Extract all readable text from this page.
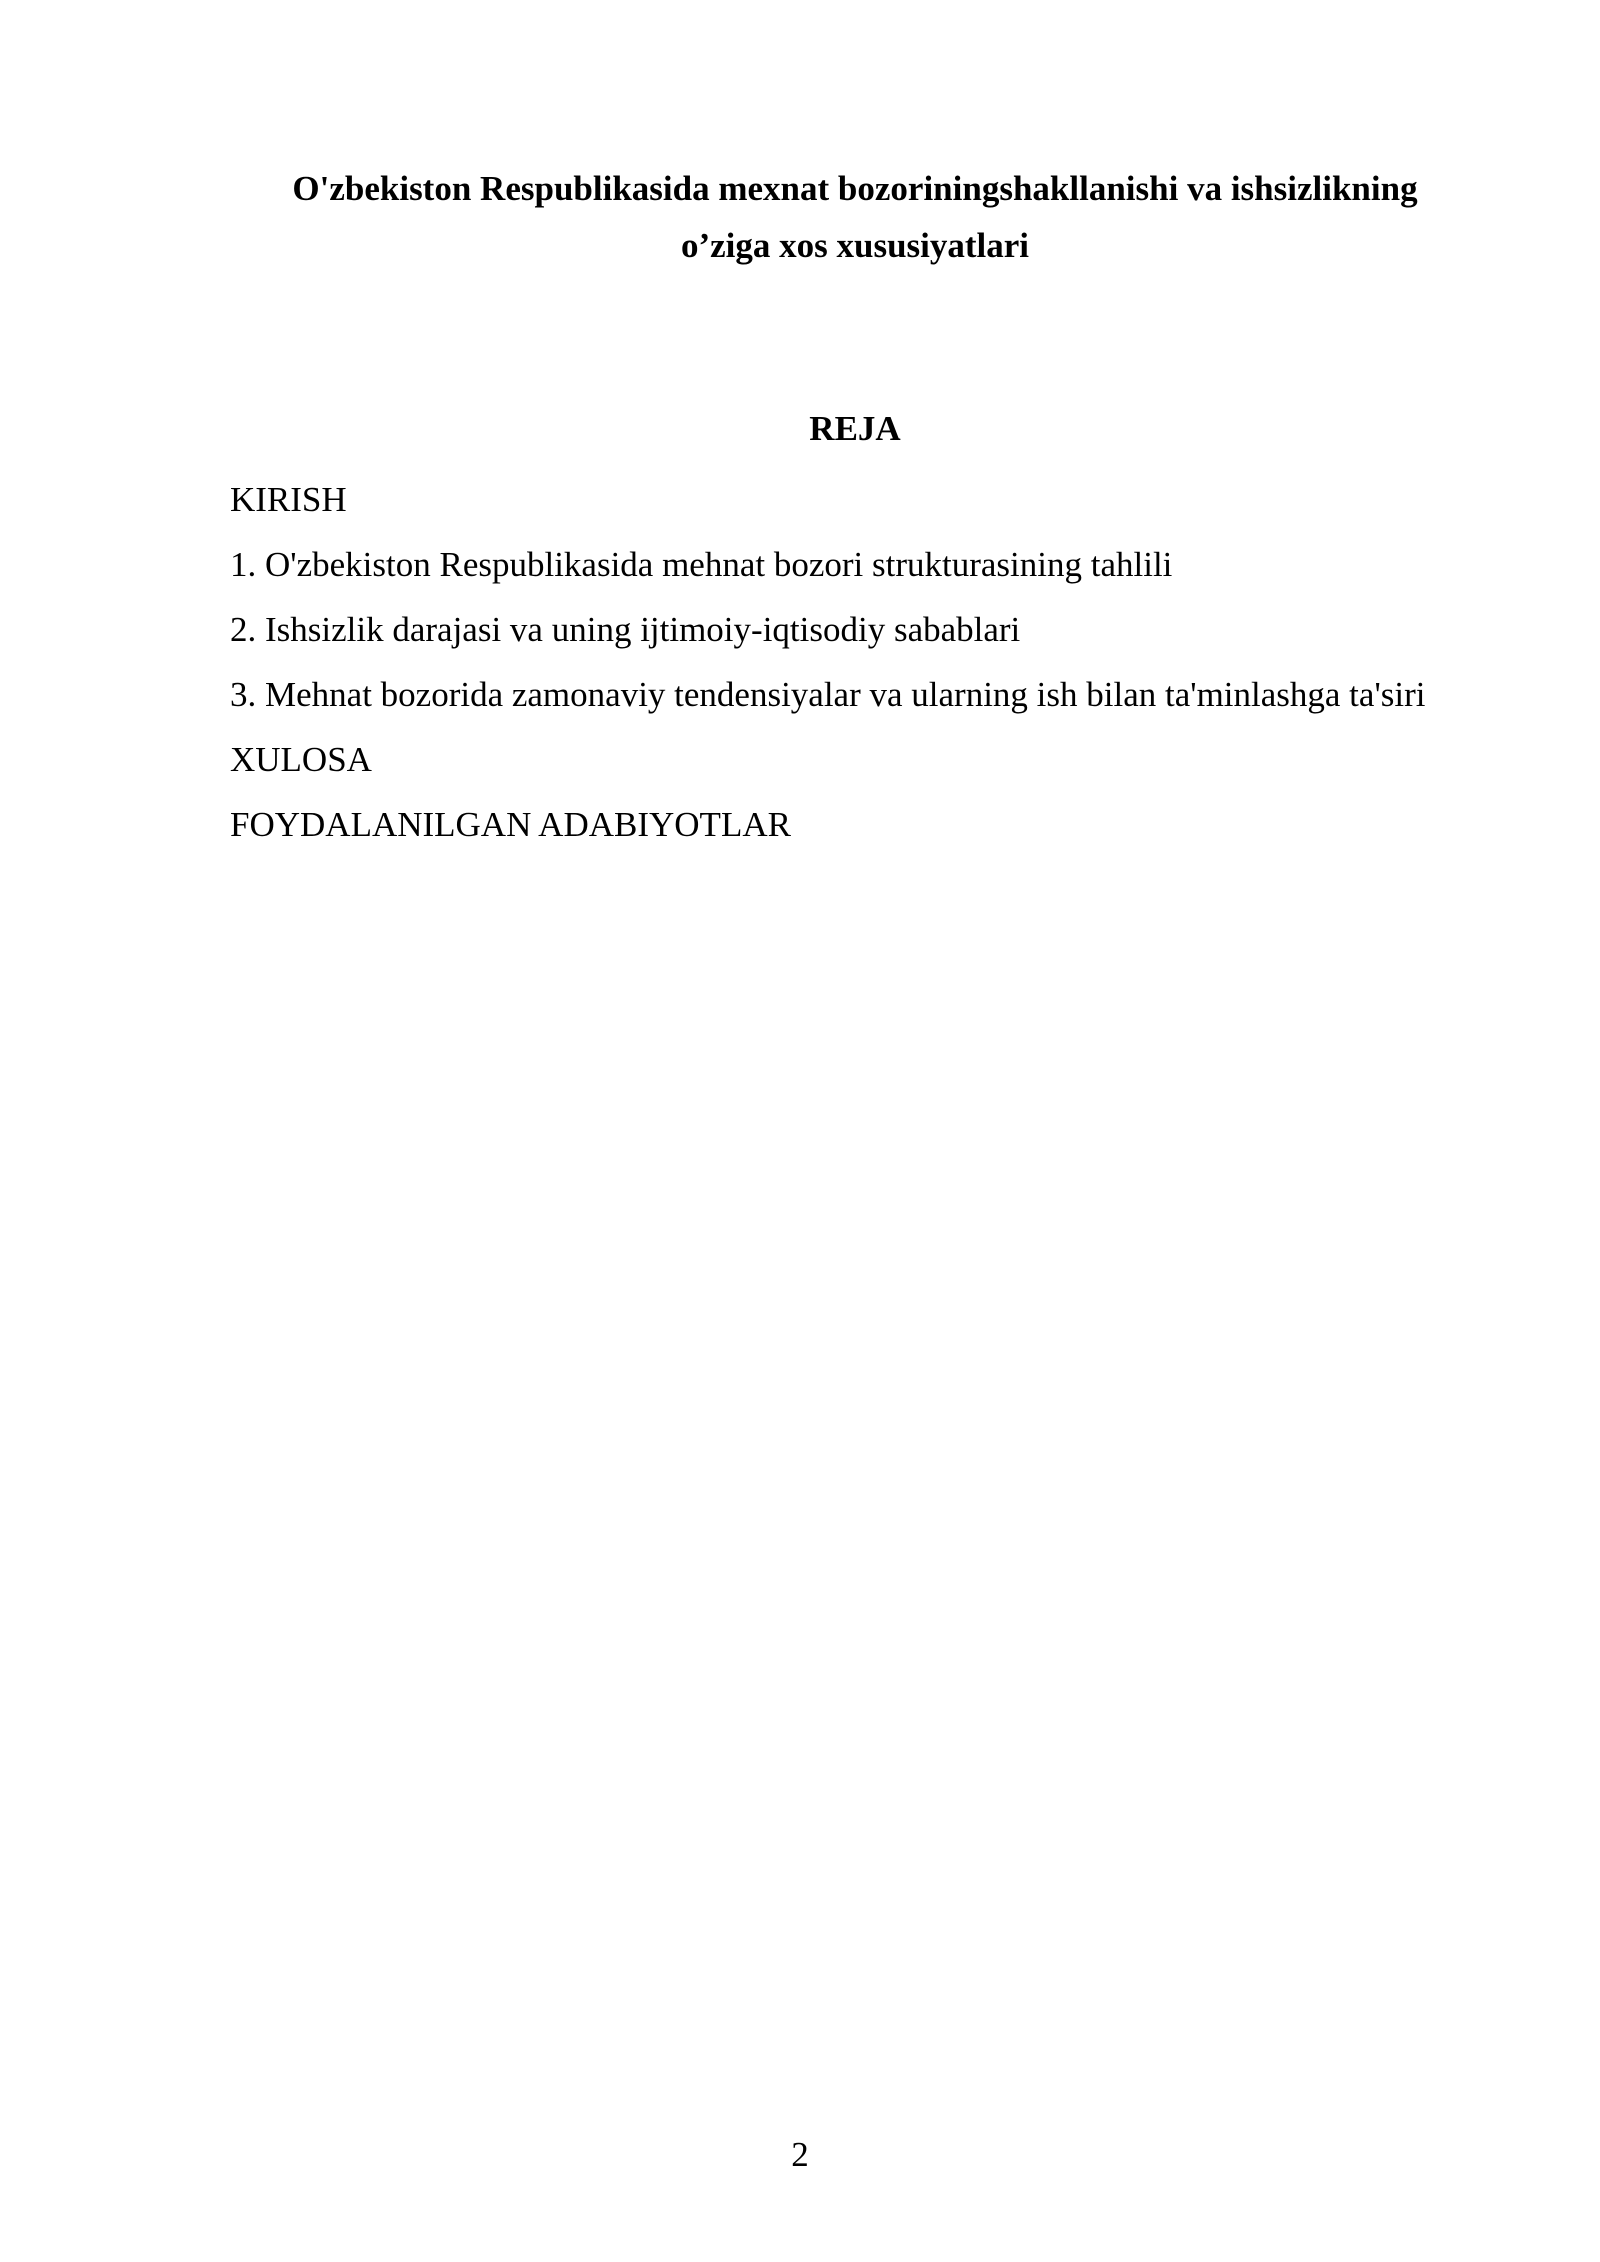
O'zbekiston Respublikasida mexnat bozoriningshakllanishi va ishsizlikning
o’ziga xos xususiyatlari
REJA
KIRISH
1. O'zbekiston Respublikasida mehnat bozori strukturasining tahlili
2. Ishsizlik darajasi va uning ijtimoiy-iqtisodiy sabablari
3. Mehnat bozorida zamonaviy tendensiyalar va ularning ish bilan ta'minlashga ta'siri
XULOSA
FOYDALANILGAN ADABIYOTLAR
2
